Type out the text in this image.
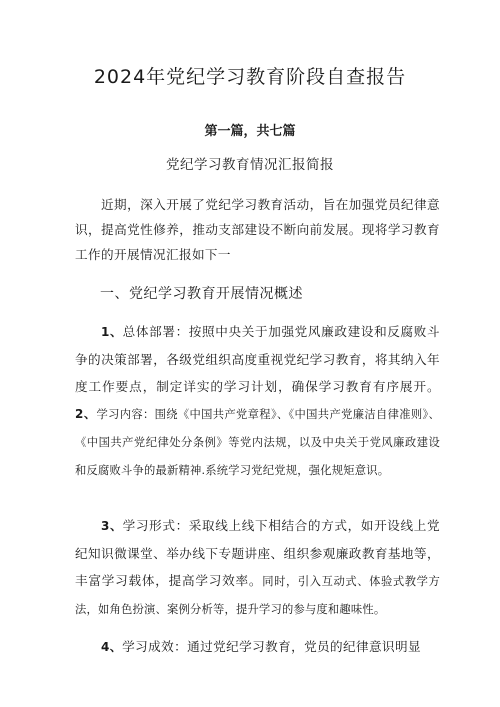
2024年党纪学习教育阶段自查报告
第一篇，共七篇
党纪学习教育情况汇报简报
近期，深入开展了党纪学习教育活动，旨在加强党员纪律意识，提高党性修养，推动支部建设不断向前发展。现将学习教育工作的开展情况汇报如下一
一、党纪学习教育开展情况概述
1、总体部署：按照中央关于加强党风廉政建设和反腐败斗争的决策部署，各级党组织高度重视党纪学习教育，将其纳入年度工作要点，制定详实的学习计划，确保学习教育有序展开。2、学习内容：围绕《中国共产党章程》、《中国共产党廉洁自律准则》、《中国共产党纪律处分条例》等党内法规，以及中央关于党风廉政建设和反腐败斗争的最新精神.系统学习党纪党规，强化规矩意识。
3、学习形式：采取线上线下相结合的方式，如开设线上党纪知识微课堂、举办线下专题讲座、组织参观廉政教育基地等，丰富学习载体，提高学习效率。同时，引入互动式、体验式教学方法，如角色扮演、案例分析等，提升学习的参与度和趣味性。
4、学习成效：通过党纪学习教育，党员的纪律意识明显
